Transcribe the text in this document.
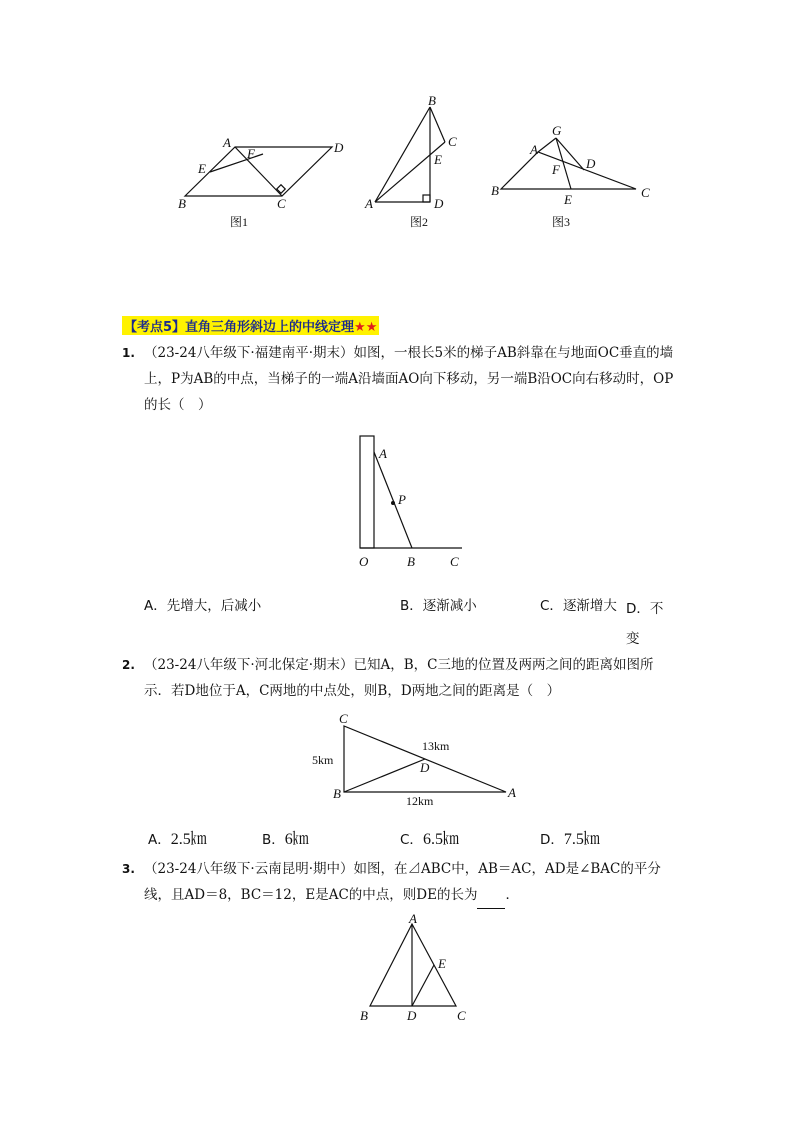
A
F	D
E
B	C
图1
B
C
E
A	D
图2
G
A
D
F
B
E	C
图3
【考点5】直角三角形斜边上的中线定理★★
1. （23-24八年级下·福建南平·期末）如图，一根长5米的梯子AB斜靠在与地面OC垂直的墙上，P为AB的中点，当梯子的一端A沿墙面AO向下移动，另一端B沿OC向右移动时，OP的长（　）
A
P
O	B	C
A．先增大，后减小	B．逐渐减小	C．逐渐增大 D．不变
2. （23-24八年级下·河北保定·期末）已知A，B，C三地的位置及两两之间的距离如图所示．若D地位于A，C两地的中点处，则B，D两地之间的距离是（　）
C
13km
5km	D
B	12km
A
A．2.5㎞	B．6㎞	C．6.5㎞	D．7.5㎞
3. （23-24八年级下·云南昆明·期中）如图，在⊿ABC中，AB＝AC，AD是∠BAC的平分线，且AD＝8，BC＝12，E是AC的中点，则DE的长为 ．
A
E
B	D	C
